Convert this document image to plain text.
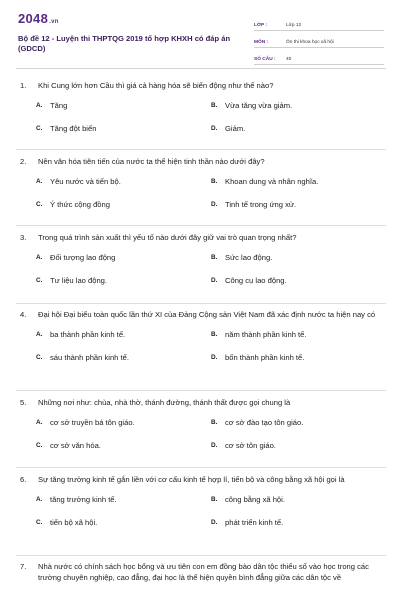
2048.vn
Bộ đề 12 - Luyện thi THPTQG 2019 tổ hợp KHXH có đáp án (GDCD)
LỚP :	Lớp 12
MÔN :	Ôn thi khoa học xã hội
SỐ CÂU :	40
1.	Khi Cung lớn hơn Cầu thì giá cả hàng hóa sẽ biến động như thế nào?
A. Tăng	B. Vừa tăng vừa giảm.
C. Tăng đột biến	D. Giảm.
2.	Nền văn hóa tiên tiến của nước ta thể hiện tinh thần nào dưới đây?
A. Yêu nước và tiến bộ.	B. Khoan dung và nhân nghĩa.
C. Ý thức cộng đồng	D. Tinh tế trong ứng xử.
3.	Trong quá trình sản xuất thì yếu tố nào dưới đây giữ vai trò quan trọng nhất?
A. Đối tượng lao động	B. Sức lao động.
C. Tư liệu lao động.	D. Công cụ lao động.
4.	Đại hội Đại biểu toàn quốc lần thứ XI của Đảng Cộng sản Việt Nam đã xác định nước ta hiện nay có
A. ba thành phần kinh tế.	B. năm thành phần kinh tế.
C. sáu thành phần kinh tế.	D. bốn thành phần kinh tế.
5.	Những nơi như: chùa, nhà thờ, thánh đường, thánh thất được gọi chung là
A. cơ sở truyền bá tôn giáo.	B. cơ sở đào tạo tôn giáo.
C. cơ sở văn hóa.	D. cơ sở tôn giáo.
6.	Sự tăng trưởng kinh tế gắn liền với cơ cấu kinh tế hợp lí, tiến bộ và công bằng xã hội gọi là
A. tăng trưởng kinh tế.	B. công bằng xã hội.
C. tiến bộ xã hội.	D. phát triển kinh tế.
7.	Nhà nước có chính sách học bổng và ưu tiên con em đồng bào dân tộc thiểu số vào học trong các trường chuyên nghiệp, cao đẳng, đại học là thể hiện quyền bình đẳng giữa các dân tộc về
